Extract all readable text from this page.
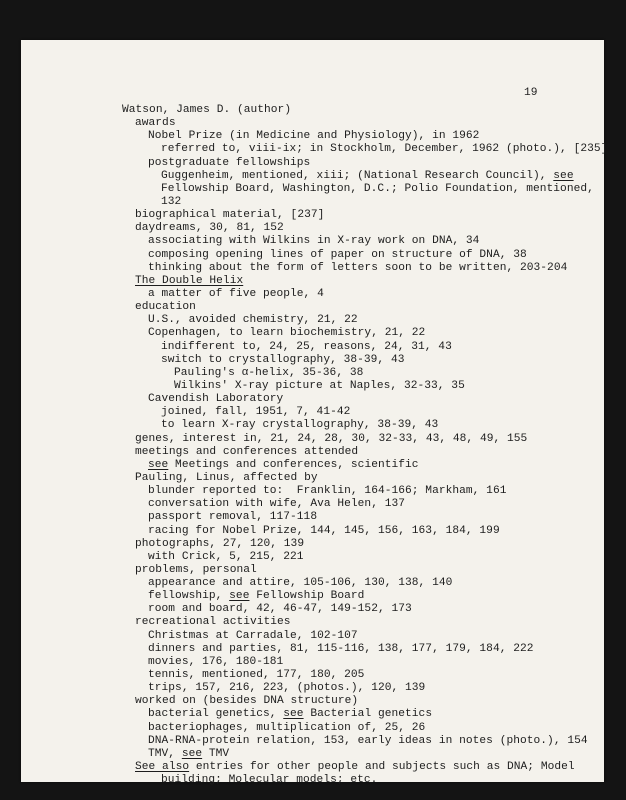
19
Watson, James D. (author)
awards
Nobel Prize (in Medicine and Physiology), in 1962
referred to, viii-ix; in Stockholm, December, 1962 (photo.), [235]
postgraduate fellowships
Guggenheim, mentioned, xiii; (National Research Council), see
Fellowship Board, Washington, D.C.; Polio Foundation, mentioned,
132
biographical material, [237]
daydreams, 30, 81, 152
associating with Wilkins in X-ray work on DNA, 34
composing opening lines of paper on structure of DNA, 38
thinking about the form of letters soon to be written, 203-204
The Double Helix
a matter of five people, 4
education
U.S., avoided chemistry, 21, 22
Copenhagen, to learn biochemistry, 21, 22
indifferent to, 24, 25, reasons, 24, 31, 43
switch to crystallography, 38-39, 43
Pauling's α-helix, 35-36, 38
Wilkins' X-ray picture at Naples, 32-33, 35
Cavendish Laboratory
joined, fall, 1951, 7, 41-42
to learn X-ray crystallography, 38-39, 43
genes, interest in, 21, 24, 28, 30, 32-33, 43, 48, 49, 155
meetings and conferences attended
see Meetings and conferences, scientific
Pauling, Linus, affected by
blunder reported to:  Franklin, 164-166; Markham, 161
conversation with wife, Ava Helen, 137
passport removal, 117-118
racing for Nobel Prize, 144, 145, 156, 163, 184, 199
photographs, 27, 120, 139
with Crick, 5, 215, 221
problems, personal
appearance and attire, 105-106, 130, 138, 140
fellowship, see Fellowship Board
room and board, 42, 46-47, 149-152, 173
recreational activities
Christmas at Carradale, 102-107
dinners and parties, 81, 115-116, 138, 177, 179, 184, 222
movies, 176, 180-181
tennis, mentioned, 177, 180, 205
trips, 157, 216, 223, (photos.), 120, 139
worked on (besides DNA structure)
bacterial genetics, see Bacterial genetics
bacteriophages, multiplication of, 25, 26
DNA-RNA-protein relation, 153, early ideas in notes (photo.), 154
TMV, see TMV
See also entries for other people and subjects such as DNA; Model
building; Molecular models; etc.
